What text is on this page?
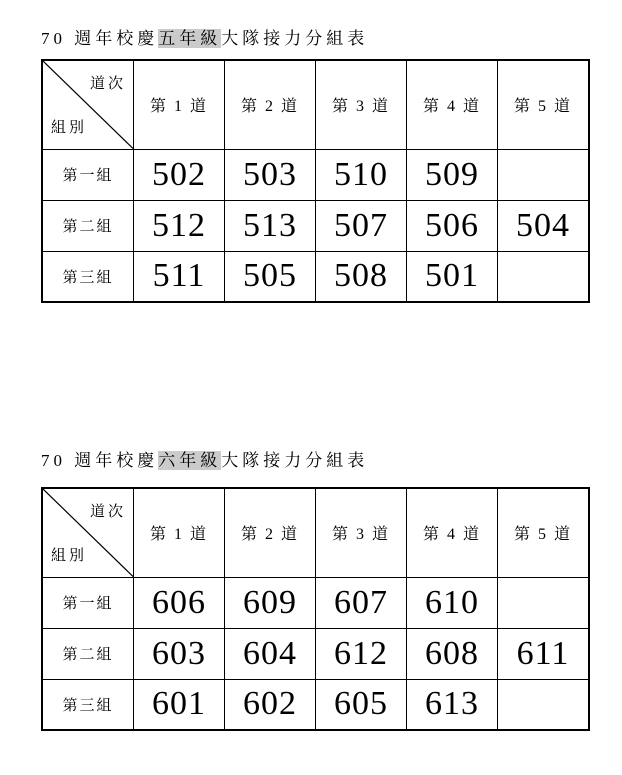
70 週年校慶五年級大隊接力分組表
道次
組別	第 1 道	第 2 道	第 3 道	第 4 道	第 5 道
第一組	502	503	510	509	
第二組	512	513	507	506	504
第三組	511	505	508	501	
70 週年校慶六年級大隊接力分組表
道次
組別	第 1 道	第 2 道	第 3 道	第 4 道	第 5 道
第一組	606	609	607	610	
第二組	603	604	612	608	611
第三組	601	602	605	613	
